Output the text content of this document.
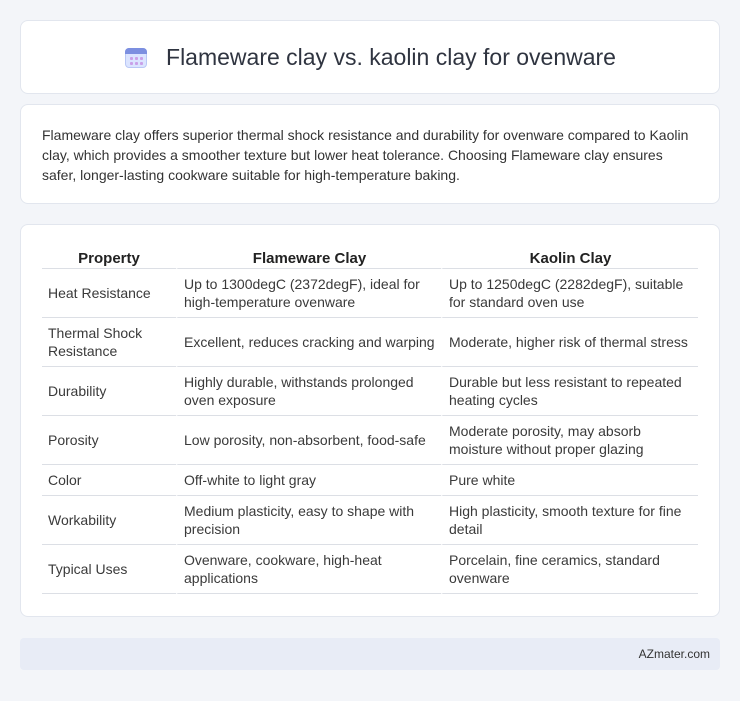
Flameware clay vs. kaolin clay for ovenware

Flameware clay offers superior thermal shock resistance and durability for ovenware compared to Kaolin clay, which provides a smoother texture but lower heat tolerance. Choosing Flameware clay ensures safer, longer-lasting cookware suitable for high-temperature baking.

Property	Flameware Clay	Kaolin Clay
Heat Resistance	Up to 1300degC (2372degF), ideal for high-temperature ovenware	Up to 1250degC (2282degF), suitable for standard oven use
Thermal Shock Resistance	Excellent, reduces cracking and warping	Moderate, higher risk of thermal stress
Durability	Highly durable, withstands prolonged oven exposure	Durable but less resistant to repeated heating cycles
Porosity	Low porosity, non-absorbent, food-safe	Moderate porosity, may absorb moisture without proper glazing
Color	Off-white to light gray	Pure white
Workability	Medium plasticity, easy to shape with precision	High plasticity, smooth texture for fine detail
Typical Uses	Ovenware, cookware, high-heat applications	Porcelain, fine ceramics, standard ovenware
AZmater.com
